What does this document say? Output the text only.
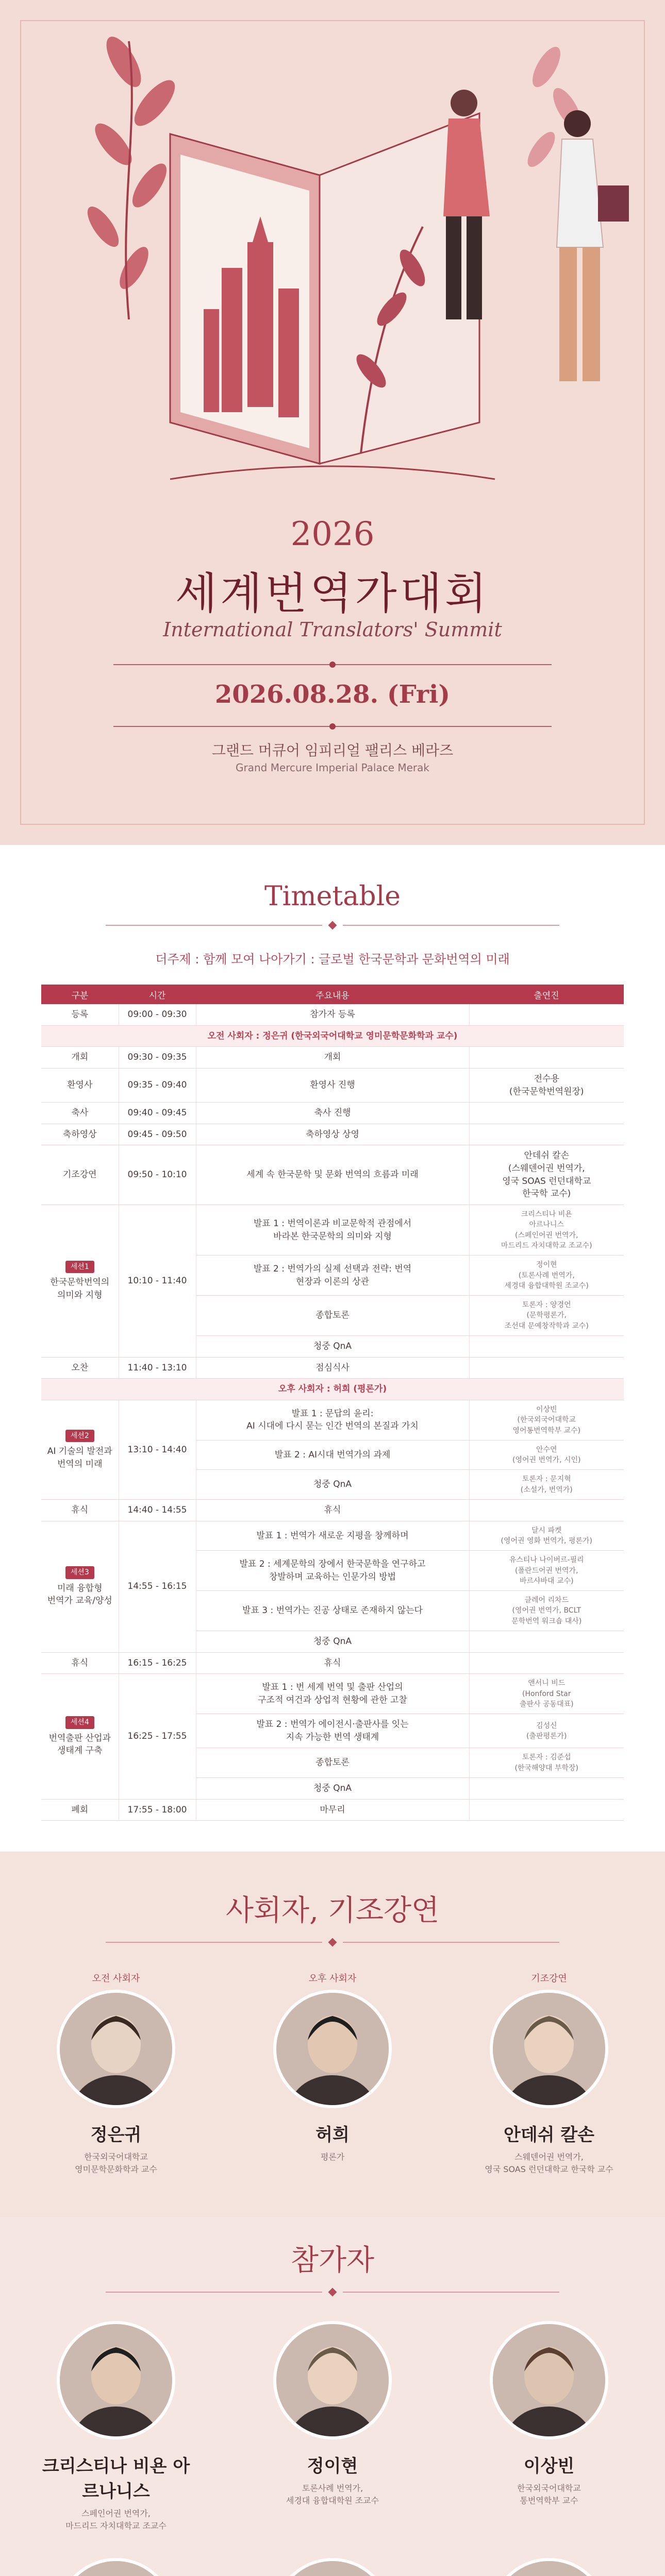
2026
세계번역가대회
International Translators' Summit
2026.08.28. (Fri)
그랜드 머큐어 임피리얼 팰리스 베라즈
Grand Mercure Imperial Palace Merak
Timetable
더주제 : 함께 모여 나아가기 : 글로벌 한국문학과 문화번역의 미래
구분	시간	주요내용	출연진
등록	09:00 - 09:30	참가자 등록	
오전 사회자 : 정은귀 (한국외국어대학교 영미문학문화학과 교수)			
개회	09:30 - 09:35	개회	
환영사	09:35 - 09:40	환영사 진행	전수용
(한국문학번역원장)
축사	09:40 - 09:45	축사 진행	
축하영상	09:45 - 09:50	축하영상 상영	
기조강연	09:50 - 10:10	세계 속 한국문학 및 문화 번역의 흐름과 미래	안데쉬 칼손
(스웨덴어권 번역가,
영국 SOAS 런던대학교
한국학 교수)
세션1
한국문학번역의
의미와 지형	10:10 - 11:40	발표 1 : 번역이론과 비교문학적 관점에서
바라본 한국문학의 의미와 지형	크리스티나 비욘
아르나니스
(스페인어권 번역가,
마드리드 자치대학교 조교수)
		발표 2 : 번역가의 실제 선택과 전략: 번역
현장과 이론의 상관	정이현
(토론사례 번역가,
세경대 융합대학원 조교수)
		종합토론	토론자 : 양경언
(문학평론가,
조선대 문예창작학과 교수)
		청중 QnA	
오찬	11:40 - 13:10	점심식사	
오후 사회자 : 허희 (평론가)			
세션2
AI 기술의 발전과
번역의 미래	13:10 - 14:40	발표 1 : 문답의 윤리:
AI 시대에 다시 묻는 인간 번역의 본질과 가치	이상빈
(한국외국어대학교
영어통번역학부 교수)
		발표 2 : AI시대 번역가의 과제	안수연
(영어권 번역가, 시인)
		청중 QnA	토론자 : 문지혁
(소설가, 번역가)
휴식	14:40 - 14:55	휴식	
세션3
미래 융합형
번역가 교육/양성	14:55 - 16:15	발표 1 : 번역가 새로운 지평을 창께하며	달시 파켓
(영어권 영화 번역가, 평론가)
		발표 2 : 세계문학의 장에서 한국문학을 연구하고
창발하며 교육하는 인문가의 방법	유스티나 나이버르-필리
(폴란드어권 번역가,
바르샤바대 교수)
		발표 3 : 번역가는 진공 상태로 존재하지 않는다	클레어 리차드
(영어권 번역가, BCLT
문학번역 워크숍 대사)
		청중 QnA	
휴식	16:15 - 16:25	휴식	
세션4
번역출판 산업과
생태계 구축	16:25 - 17:55	발표 1 : 번 세계 번역 및 출판 산업의
구조적 여건과 상업적 현황에 관한 고찰	앤서니 비드
(Honford Star
출판사 공동대표)
		발표 2 : 번역가 에이전시·출판사를 잇는
지속 가능한 번역 생태계	김성신
(출판평론가)
		종합토론	토론자 : 김준섭
(한국해양대 부학장)
		청중 QnA	
폐회	17:55 - 18:00	마무리	
사회자, 기조강연
오전 사회자
정은귀
한국외국어대학교
영미문학문화학과 교수
오후 사회자
허희
평론가
기조강연
안데쉬 칼손
스웨덴어권 번역가,
영국 SOAS 런던대학교 한국학 교수
참가자
크리스티나 비욘 아르나니스
스페인어권 번역가,
마드리드 자치대학교 조교수
정이현
토론사례 번역가,
세경대 융합대학원 조교수
이상빈
한국외국어대학교
통번역학부 교수
